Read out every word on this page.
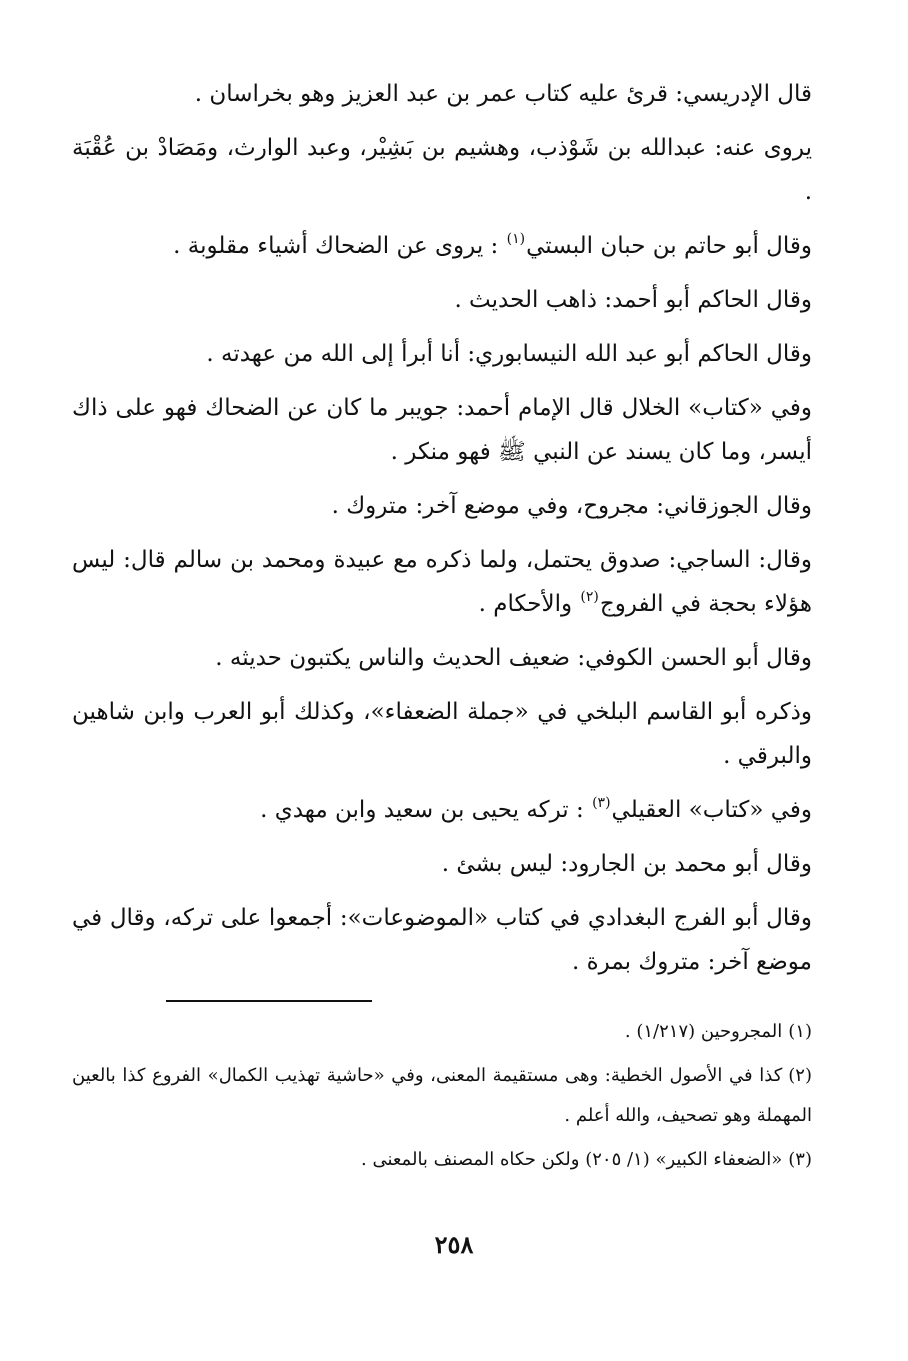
قال الإدريسي: قرئ عليه كتاب عمر بن عبد العزيز وهو بخراسان .

يروى عنه: عبدالله بن شَوْذب، وهشيم بن بَشِيْر، وعبد الوارث، ومَصَادْ بن عُقْبَة .

وقال أبو حاتم بن حبان البستي$^{(١)}$ : يروى عن الضحاك أشياء مقلوبة .

وقال الحاكم أبو أحمد: ذاهب الحديث .

وقال الحاكم أبو عبد الله النيسابوري: أنا أبرأ إلى الله من عهدته .

وفي «كتاب» الخلال قال الإمام أحمد: جويبر ما كان عن الضحاك فهو على ذاك أيسر، وما كان يسند عن النبي ﷺ فهو منكر .

وقال الجوزقاني: مجروح، وفي موضع آخر: متروك .

وقال: الساجي: صدوق يحتمل، ولما ذكره مع عبيدة ومحمد بن سالم قال: ليس هؤلاء بحجة في الفروج$^{(٢)}$ والأحكام .

وقال أبو الحسن الكوفي: ضعيف الحديث والناس يكتبون حديثه .

وذكره أبو القاسم البلخي في «جملة الضعفاء»، وكذلك أبو العرب وابن شاهين والبرقي .

وفي «كتاب» العقيلي$^{(٣)}$ : تركه يحيى بن سعيد وابن مهدي .

وقال أبو محمد بن الجارود: ليس بشئ .

وقال أبو الفرج البغدادي في كتاب «الموضوعات»: أجمعوا على تركه، وقال في موضع آخر: متروك بمرة .

(١)المجروحين (١/٢١٧) .

(٢)كذا في الأصول الخطية: وهى مستقيمة المعنى، وفي «حاشية تهذيب الكمال» الفروع كذا بالعين المهملة وهو تصحيف، والله أعلم .

(٣)«الضعفاء الكبير» (١/ ٢٠٥) ولكن حكاه المصنف بالمعنى .

٢٥٨
